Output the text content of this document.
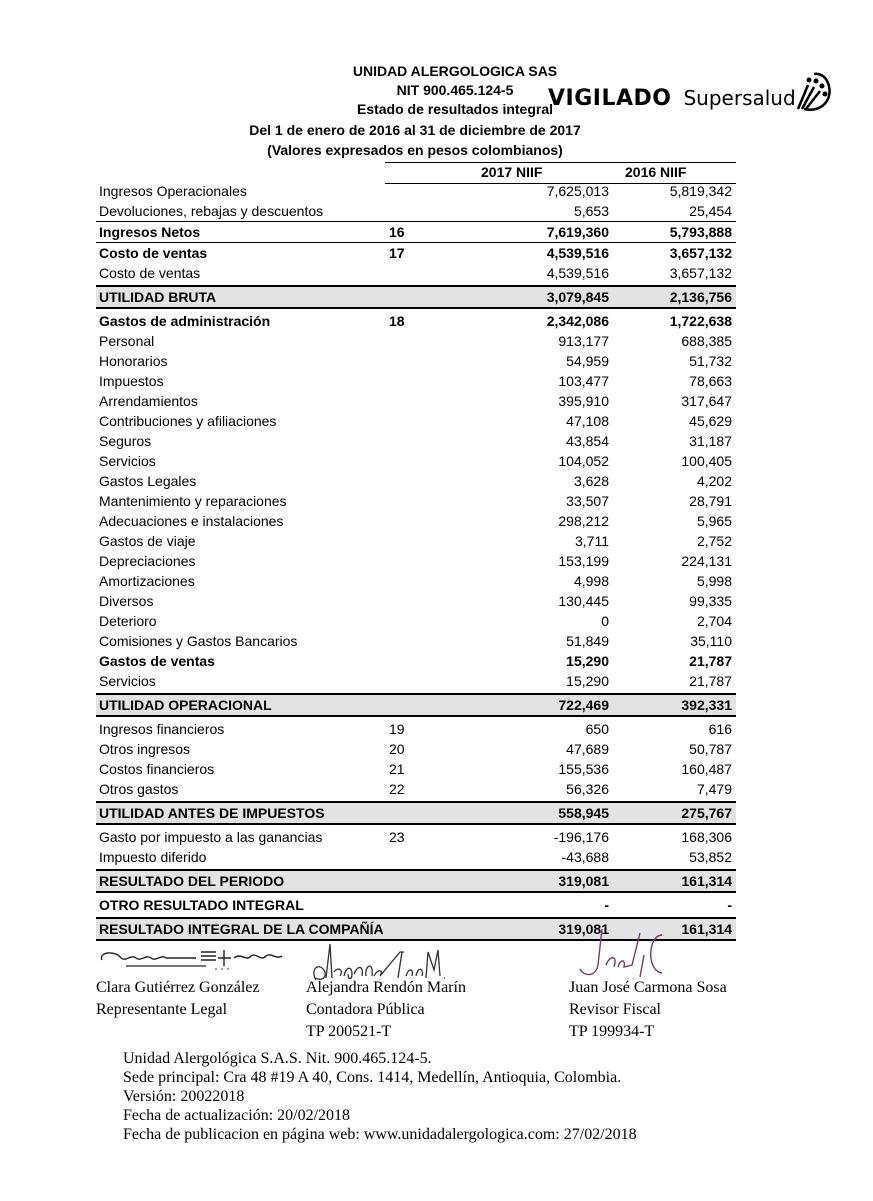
UNIDAD ALERGOLOGICA SAS
NIT 900.465.124-5
Estado de resultados integral
Del 1 de enero de 2016 al 31 de diciembre de 2017
(Valores expresados en pesos colombianos)
VIGILADO Supersalud
2017 NIIF	2016 NIIF
Ingresos Operacionales	7,625,013	5,819,342
Devoluciones, rebajas y descuentos	5,653	25,454
Ingresos Netos	16	7,619,360	5,793,888
Costo de ventas	17	4,539,516	3,657,132
Costo de ventas	4,539,516	3,657,132
UTILIDAD BRUTA	3,079,845	2,136,756
Gastos de administración	18	2,342,086	1,722,638
Personal	913,177	688,385
Honorarios	54,959	51,732
Impuestos	103,477	78,663
Arrendamientos	395,910	317,647
Contribuciones y afiliaciones	47,108	45,629
Seguros	43,854	31,187
Servicios	104,052	100,405
Gastos Legales	3,628	4,202
Mantenimiento y reparaciones	33,507	28,791
Adecuaciones e instalaciones	298,212	5,965
Gastos de viaje	3,711	2,752
Depreciaciones	153,199	224,131
Amortizaciones	4,998	5,998
Diversos	130,445	99,335
Deterioro	0	2,704
Comisiones y Gastos Bancarios	51,849	35,110
Gastos de ventas	15,290	21,787
Servicios	15,290	21,787
UTILIDAD OPERACIONAL	722,469	392,331
Ingresos financieros	19	650	616
Otros ingresos	20	47,689	50,787
Costos financieros	21	155,536	160,487
Otros gastos	22	56,326	7,479
UTILIDAD ANTES DE IMPUESTOS	558,945	275,767
Gasto por impuesto a las ganancias	23	-196,176	168,306
Impuesto diferido	-43,688	53,852
RESULTADO DEL PERIODO	319,081	161,314
OTRO RESULTADO INTEGRAL	-	-
RESULTADO INTEGRAL DE LA COMPAÑÍA	319,081	161,314
Clara Gutiérrez González
Representante Legal
Alejandra Rendón Marín
Contadora Pública
TP 200521-T
Juan José Carmona Sosa
Revisor Fiscal
TP 199934-T
Unidad Alergológica S.A.S. Nit. 900.465.124-5.
Sede principal: Cra 48 #19 A 40, Cons. 1414, Medellín, Antioquia, Colombia.
Versión: 20022018
Fecha de actualización: 20/02/2018
Fecha de publicacion en página web: www.unidadalergologica.com: 27/02/2018
